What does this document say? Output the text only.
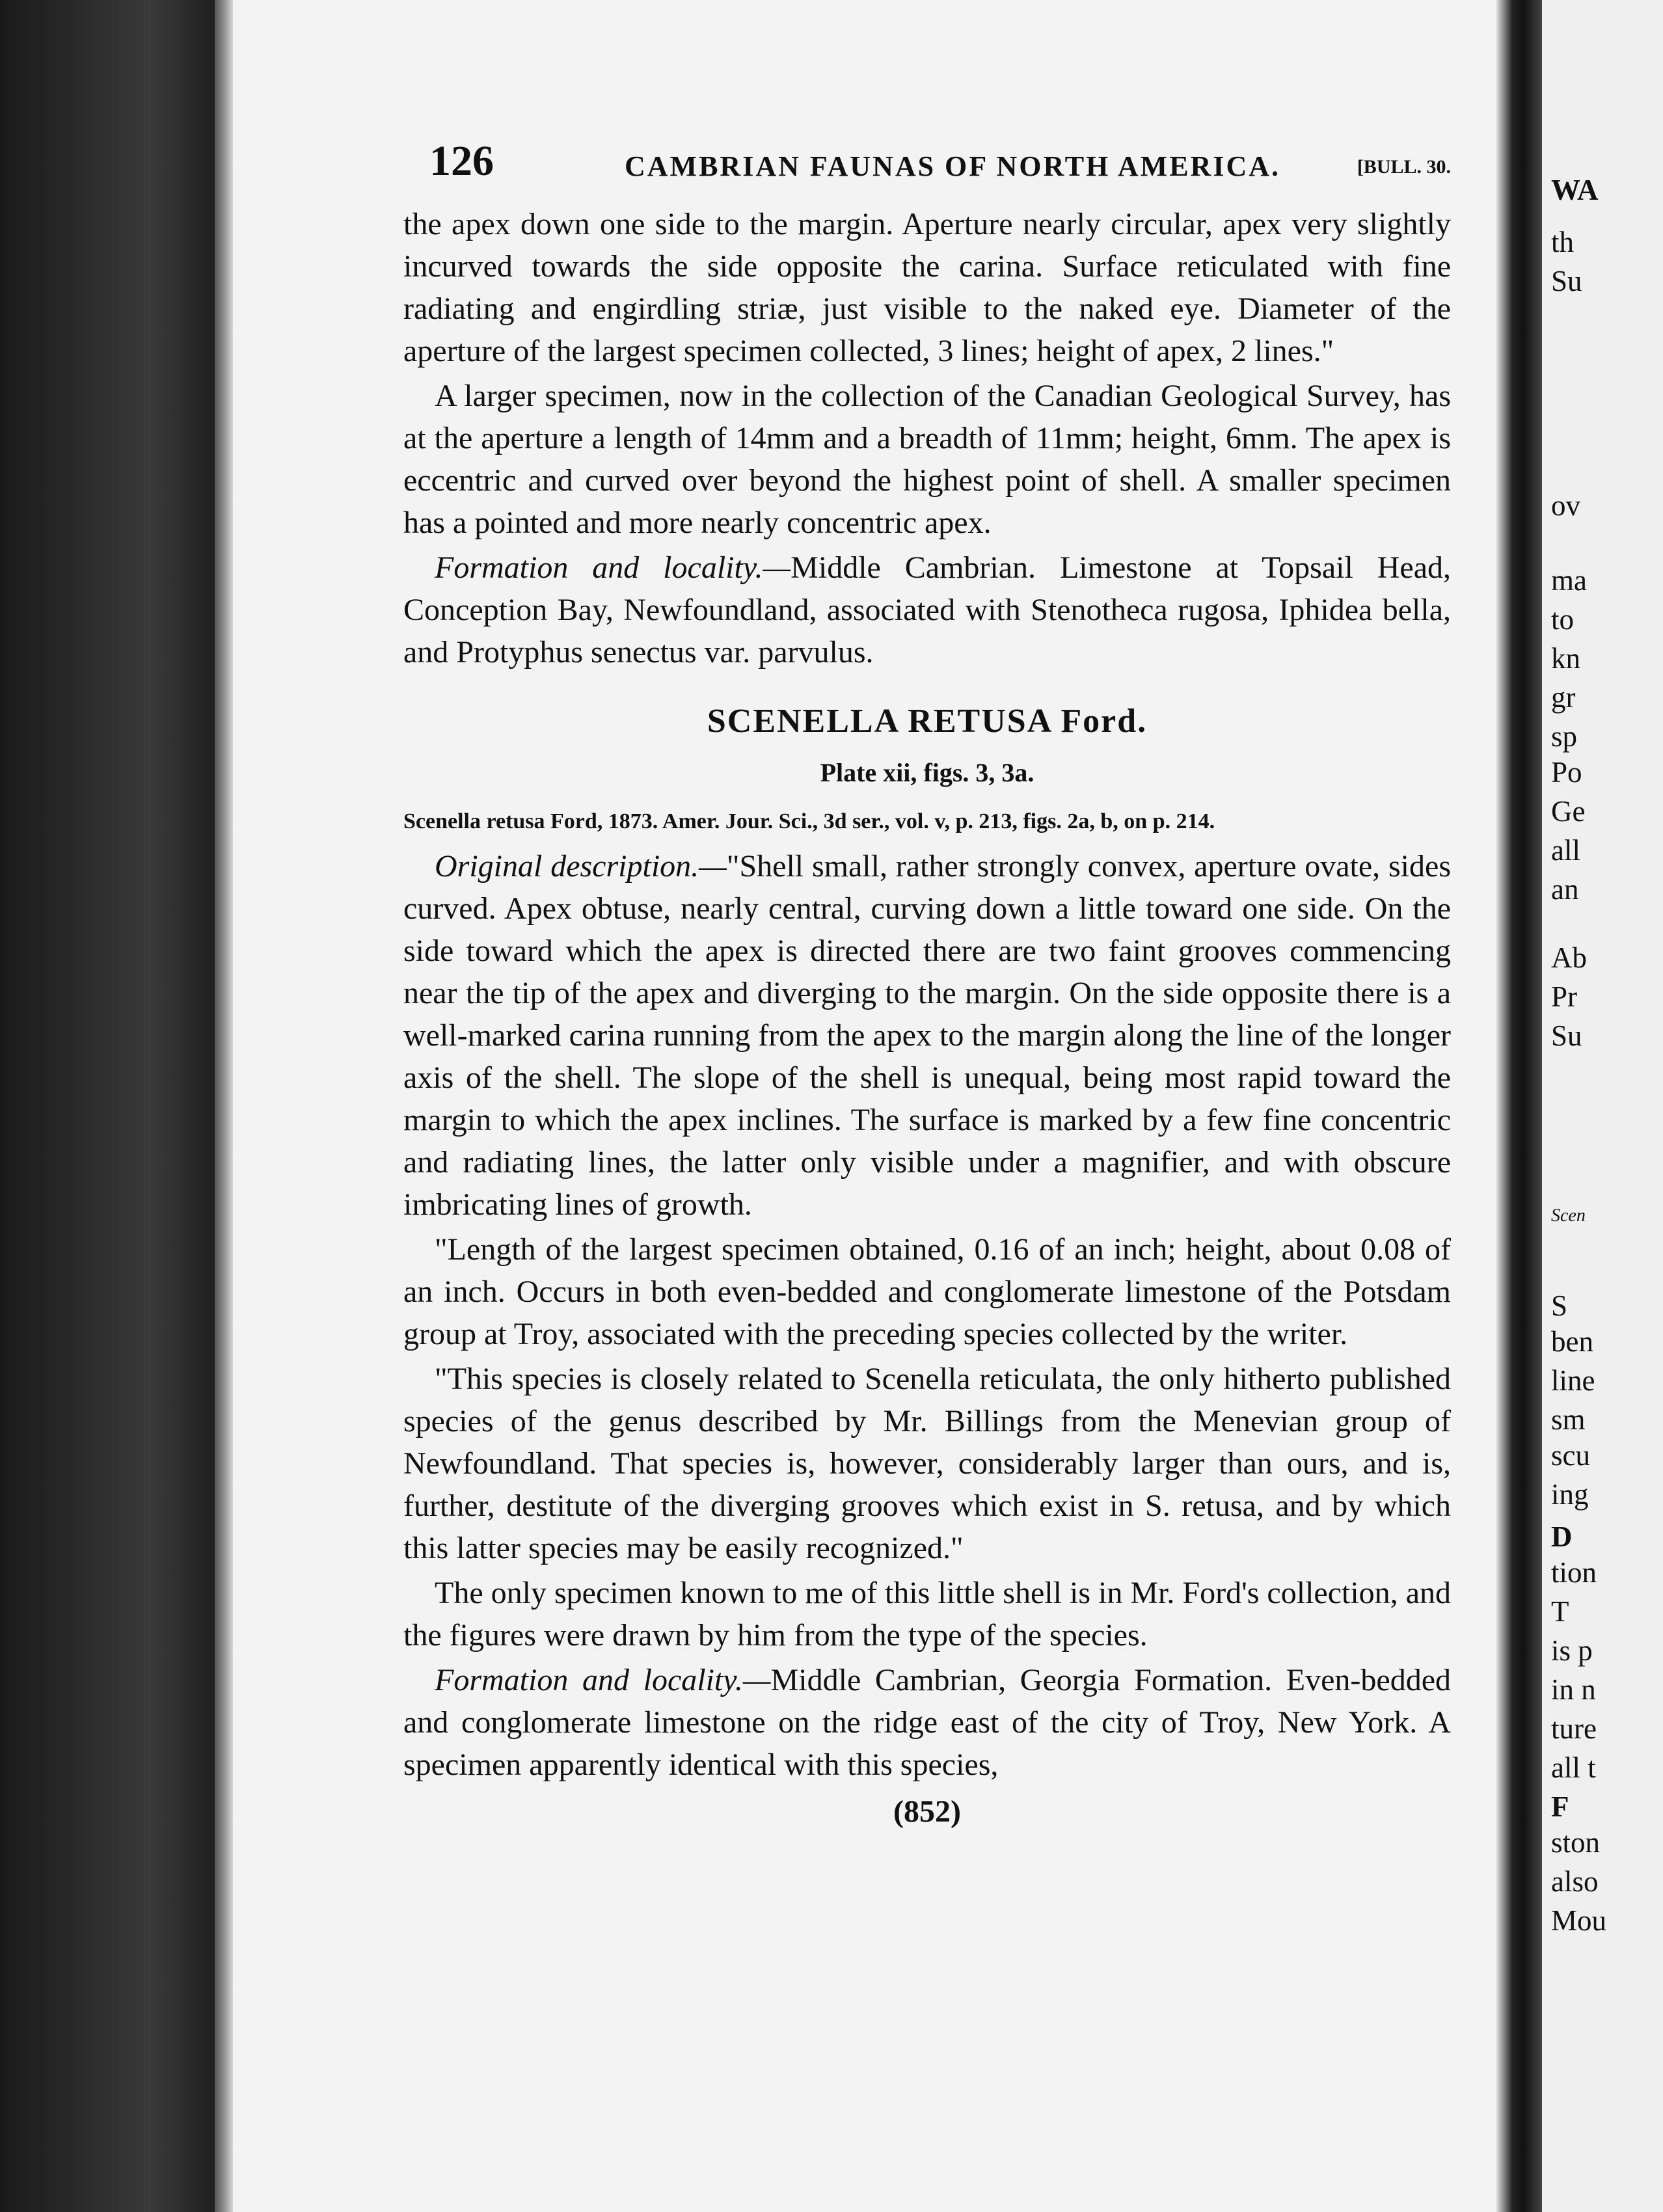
126	CAMBRIAN FAUNAS OF NORTH AMERICA.	[BULL. 30.

the apex down one side to the margin. Aperture nearly circular, apex very slightly incurved towards the side opposite the carina. Surface reticulated with fine radiating and engirdling striæ, just visible to the naked eye. Diameter of the aperture of the largest specimen collected, 3 lines; height of apex, 2 lines."

A larger specimen, now in the collection of the Canadian Geological Survey, has at the aperture a length of 14mm and a breadth of 11mm; height, 6mm. The apex is eccentric and curved over beyond the highest point of shell. A smaller specimen has a pointed and more nearly concentric apex.

Formation and locality.—Middle Cambrian. Limestone at Topsail Head, Conception Bay, Newfoundland, associated with Stenotheca rugosa, Iphidea bella, and Protyphus senectus var. parvulus.

SCENELLA RETUSA Ford.
Plate xii, figs. 3, 3a.
Scenella retusa Ford, 1873. Amer. Jour. Sci., 3d ser., vol. v, p. 213, figs. 2a, b, on p. 214.

Original description.—"Shell small, rather strongly convex, aperture ovate, sides curved. Apex obtuse, nearly central, curving down a little toward one side. On the side toward which the apex is directed there are two faint grooves commencing near the tip of the apex and diverging to the margin. On the side opposite there is a well-marked carina running from the apex to the margin along the line of the longer axis of the shell. The slope of the shell is unequal, being most rapid toward the margin to which the apex inclines. The surface is marked by a few fine concentric and radiating lines, the latter only visible under a magnifier, and with obscure imbricating lines of growth.

"Length of the largest specimen obtained, 0.16 of an inch; height, about 0.08 of an inch. Occurs in both even-bedded and conglomerate limestone of the Potsdam group at Troy, associated with the preceding species collected by the writer.

"This species is closely related to Scenella reticulata, the only hitherto published species of the genus described by Mr. Billings from the Menevian group of Newfoundland. That species is, however, considerably larger than ours, and is, further, destitute of the diverging grooves which exist in S. retusa, and by which this latter species may be easily recognized."

The only specimen known to me of this little shell is in Mr. Ford's collection, and the figures were drawn by him from the type of the species.

Formation and locality.—Middle Cambrian, Georgia Formation. Even-bedded and conglomerate limestone on the ridge east of the city of Troy, New York. A specimen apparently identical with this species,

(852)
WA
th
Su
ov
ma
to
kn
gr
sp
Po
Ge
all
an
Ab
Pr
Su
Scen
S
ben
line
sm
scu
ing
D
tion
T
is p
in n
ture
all t
F
ston
also
Mou
